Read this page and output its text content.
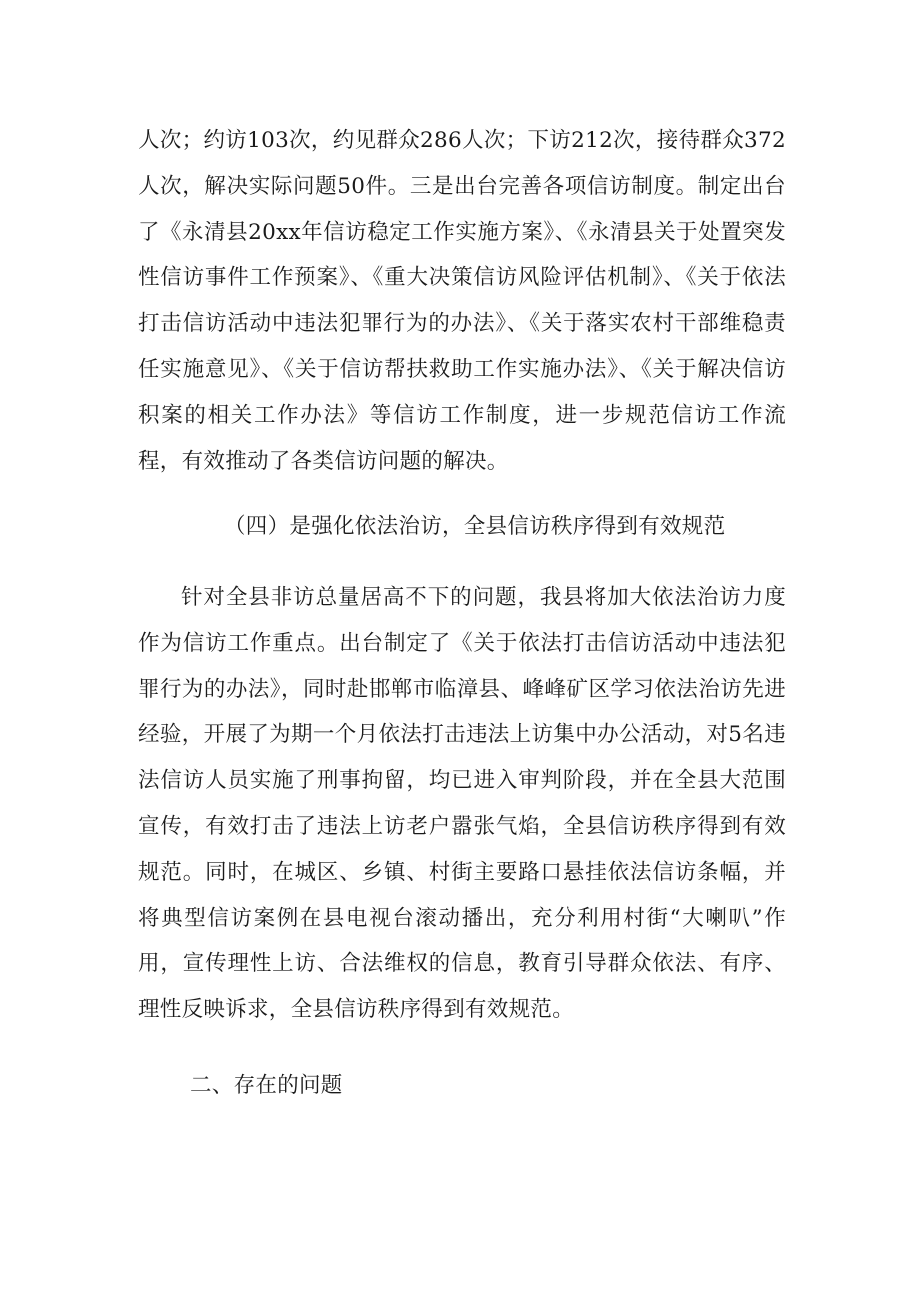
人次；约访103次，约见群众286人次；下访212次，接待群众372人次，解决实际问题50件。三是出台完善各项信访制度。制定出台了《永清县20xx年信访稳定工作实施方案》、《永清县关于处置突发性信访事件工作预案》、《重大决策信访风险评估机制》、《关于依法打击信访活动中违法犯罪行为的办法》、《关于落实农村干部维稳责任实施意见》、《关于信访帮扶救助工作实施办法》、《关于解决信访积案的相关工作办法》等信访工作制度，进一步规范信访工作流程，有效推动了各类信访问题的解决。

（四）是强化依法治访，全县信访秩序得到有效规范

针对全县非访总量居高不下的问题，我县将加大依法治访力度作为信访工作重点。出台制定了《关于依法打击信访活动中违法犯罪行为的办法》，同时赴邯郸市临漳县、峰峰矿区学习依法治访先进经验，开展了为期一个月依法打击违法上访集中办公活动，对5名违法信访人员实施了刑事拘留，均已进入审判阶段，并在全县大范围宣传，有效打击了违法上访老户嚣张气焰，全县信访秩序得到有效规范。同时，在城区、乡镇、村街主要路口悬挂依法信访条幅，并将典型信访案例在县电视台滚动播出，充分利用村街“大喇叭”作用，宣传理性上访、合法维权的信息，教育引导群众依法、有序、理性反映诉求，全县信访秩序得到有效规范。

二、存在的问题
